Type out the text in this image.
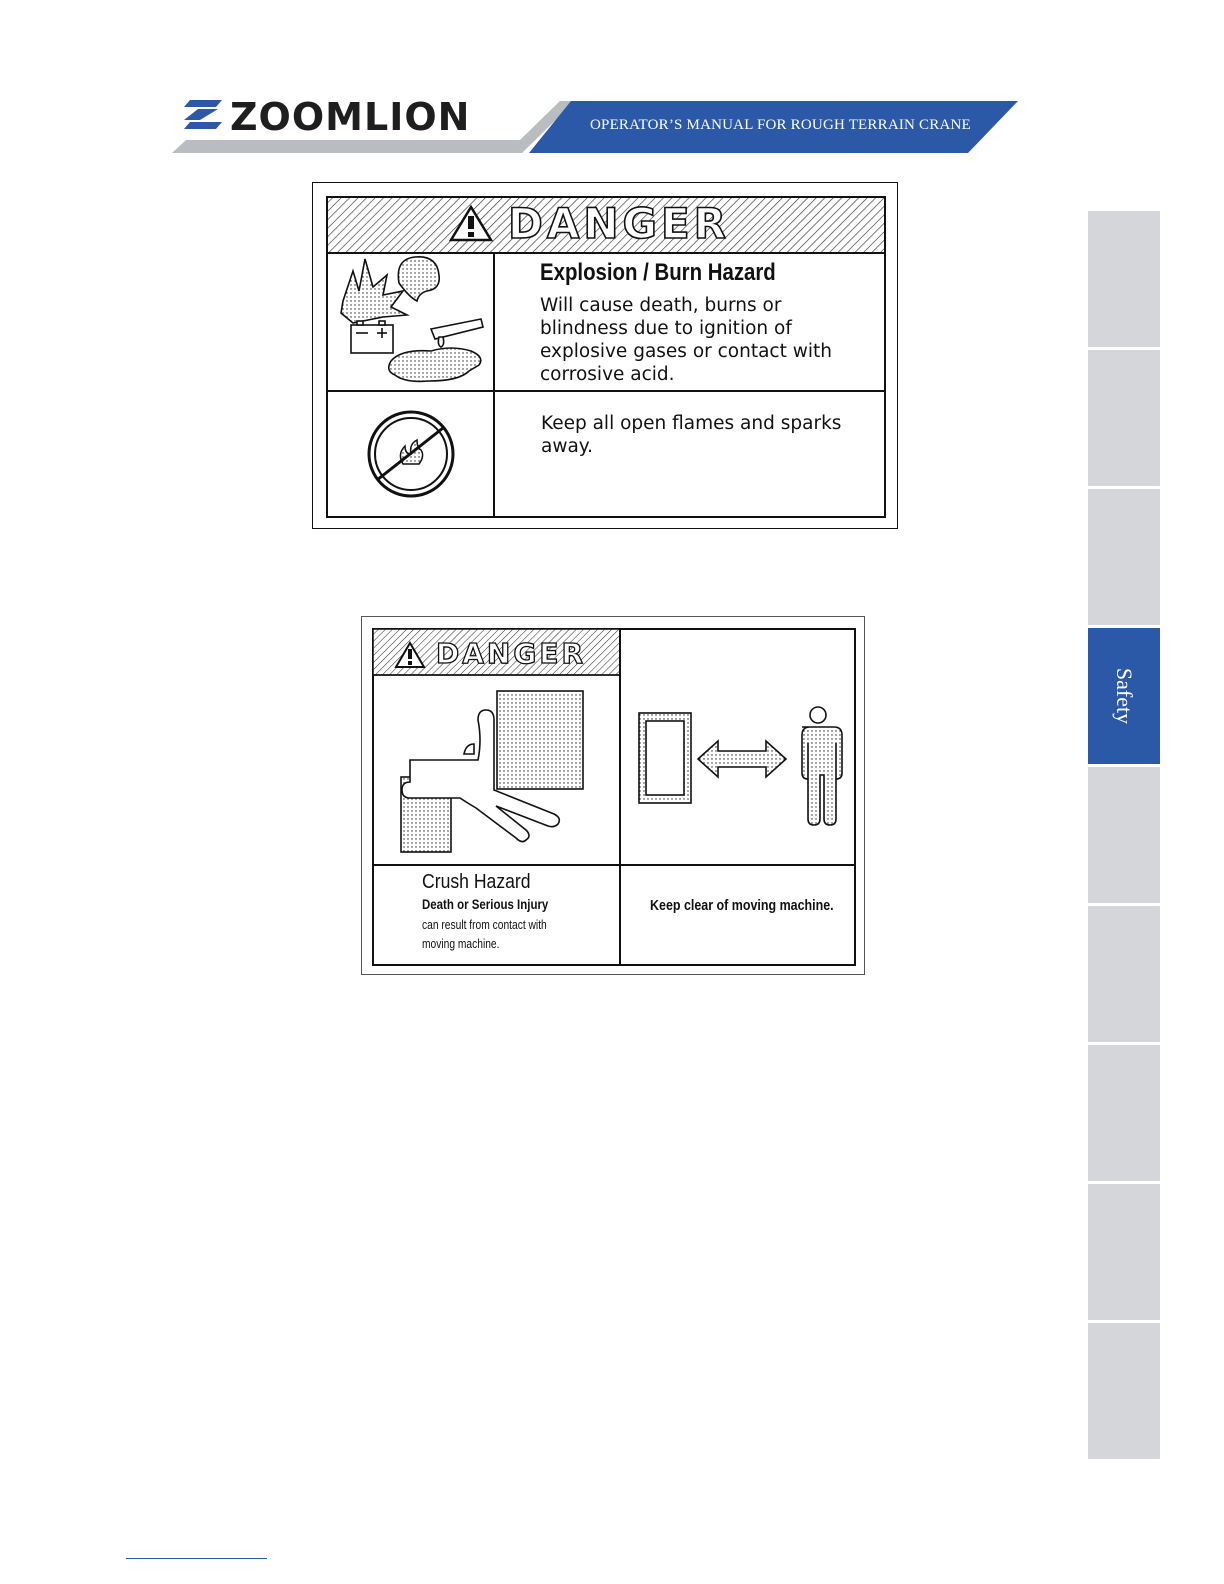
ZOOMLION	OPERATOR’S MANUAL FOR ROUGH TERRAIN CRANE
Safety
DANGER
Explosion / Burn Hazard
Will cause death, burns or
blindness due to ignition of
explosive gases or contact with
corrosive acid.
Keep all open flames and sparks
away.
DANGER
Crush Hazard
Death or Serious Injury
can result from contact with
moving machine.
Keep clear of moving machine.
